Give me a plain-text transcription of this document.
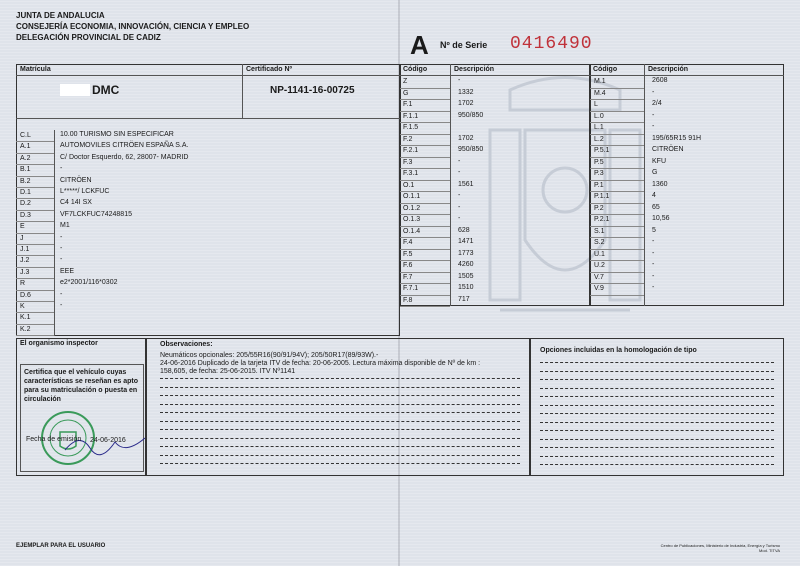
JUNTA DE ANDALUCIA
CONSEJERÍA ECONOMIA, INNOVACIÓN, CIENCIA Y EMPLEO
DELEGACIÓN PROVINCIAL DE CADIZ	A Nº de Serie 0416490
Matrícula	Certificado Nº
DMC	NP-1141-16-00725
C.L	10.00 TURISMO SIN ESPECIFICAR
A.1	AUTOMOVILES CITRÖEN ESPAÑA S.A.
A.2	C/ Doctor Esquerdo, 62, 28007- MADRID
B.1	-
B.2	CITRÖEN
D.1	L*****/ LCKFUC
D.2	C4 14I SX
D.3	VF7LCKFUC74248815
E	M1
J	-
J.1	-
J.2	-
J.3	EEE
R	e2*2001/116*0302
D.6	-
K	-
K.1
K.2
Código	Descripción
Z	-
G	1332
F.1	1702
F.1.1	950/850
F.1.5
F.2	1702
F.2.1	950/850
F.3	-
F.3.1	-
O.1	1561
O.1.1	-
O.1.2	-
O.1.3	-
O.1.4	628
F.4	1471
F.5	1773
F.6	4260
F.7	1505
F.7.1	1510
F.8	717
Código	Descripción
M.1	2608
M.4	-
L	2/4
L.0	-
L.1	-
L.2	195/65R15 91H
P.5.1	CITRÖEN
P.5	KFU
P.3	G
P.1	1360
P.1.1	4
P.2	65
P.2.1	10,56
S.1	5
S.2	-
U.1	-
U.2	-
V.7	-
V.9	-
El organismo inspector
Certifica que el vehículo cuyas características se reseñan es apto para su matriculación o puesta en circulación
Fecha de emisión 24-06-2016
Observaciones:
Neumáticos opcionales: 205/55R16(90/91/94V); 205/50R17(89/93W).-
24-06-2016 Duplicado de la tarjeta ITV de fecha: 20-06-2005. Lectura máxima disponible de Nº de km :
158,605, de fecha: 25-06-2015. ITV Nº1141
Opciones incluidas en la homologación de tipo
EJEMPLAR PARA EL USUARIO	Centro de Publicaciones, Ministerio de Industria, Energía y Turismo
Mod. TITVA
